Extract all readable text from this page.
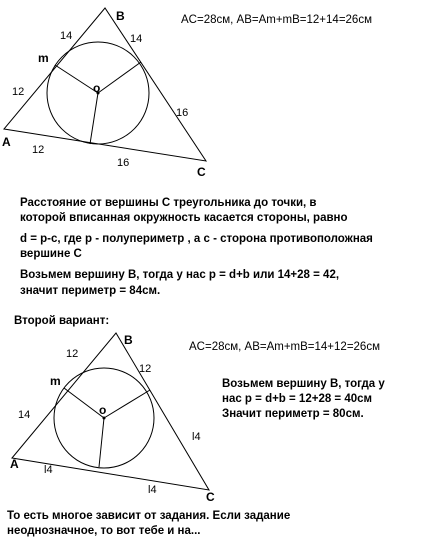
B
A
C
o
m
14	14
12
16
12
16
B
A
C
o
m
12
12
14
l4
l4
l4
AC=28см, AB=Am+mB=12+14=26см
Расстояние от вершины С треугольника до точки, в
которой вписанная окружность касается стороны, равно
d = p-c, где p - полупериметр , а с - сторона противоположная
вершине С
Возьмем вершину В, тогда у нас p = d+b или 14+28 = 42,
значит периметр = 84см.
Второй вариант:
AC=28см, AB=Am+mB=14+12=26см
Возьмем вершину В, тогда у
нас p = d+b = 12+28 = 40см
Значит периметр = 80см.
То есть многое зависит от задания. Если задание
неоднозначное, то вот тебе и на...
